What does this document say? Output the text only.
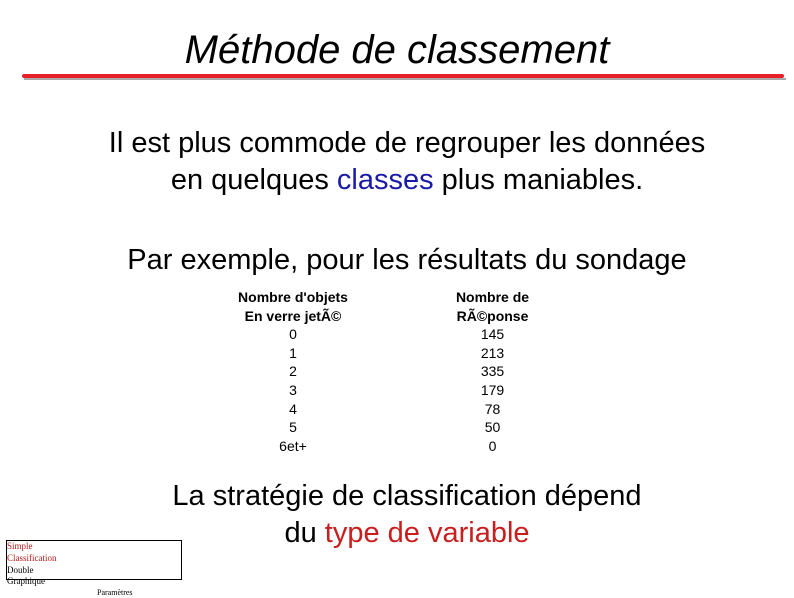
Méthode de classement
Il est plus commode de regrouper les données
en quelques classes plus maniables.
Par exemple, pour les résultats du sondage
Nombre d'objets
En verre jetÃ©
0
1
2
3
4
5
6et+
Nombre de
RÃ©ponse
145
213
335
179
78
50
0
La stratégie de classification dépend
du type de variable
Simple
Classification
Double
Graphique
Paramètres
